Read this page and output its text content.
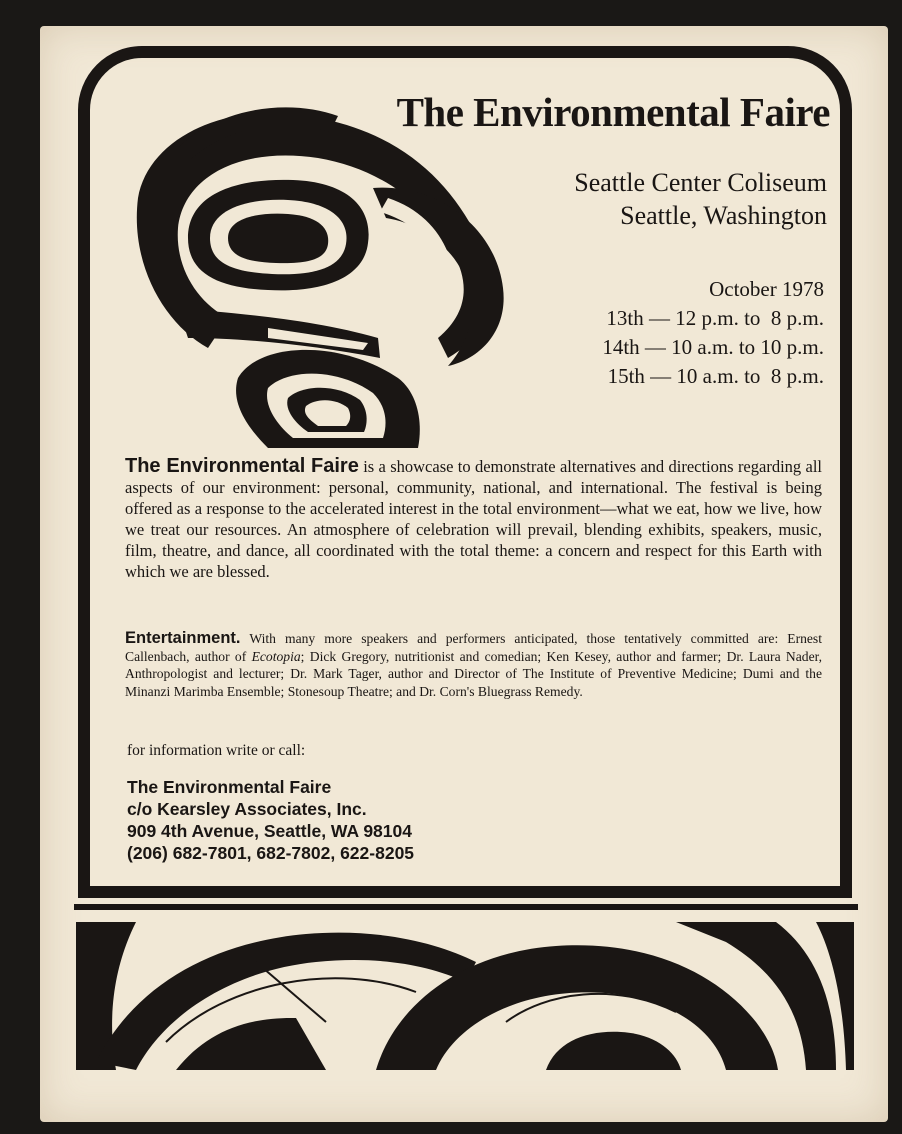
The Environmental Faire
Seattle Center Coliseum
Seattle, Washington
October 1978
13th — 12 p.m. to  8 p.m.
14th — 10 a.m. to 10 p.m.
15th — 10 a.m. to  8 p.m.
The Environmental Faire is a showcase to demonstrate alternatives and directions regarding all aspects of our environment: personal, community, national, and international. The festival is being offered as a response to the accelerated interest in the total environment—what we eat, how we live, how we treat our resources. An atmosphere of celebration will prevail, blending exhibits, speakers, music, film, theatre, and dance, all coordinated with the total theme: a concern and respect for this Earth with which we are blessed.
Entertainment. With many more speakers and performers anticipated, those tentatively committed are: Ernest Callenbach, author of Ecotopia; Dick Gregory, nutritionist and comedian; Ken Kesey, author and farmer; Dr. Laura Nader, Anthropologist and lecturer; Dr. Mark Tager, author and Director of The Institute of Preventive Medicine; Dumi and the Minanzi Marimba Ensemble; Stonesoup Theatre; and Dr. Corn's Bluegrass Remedy.
for information write or call:
The Environmental Faire
c/o Kearsley Associates, Inc.
909 4th Avenue, Seattle, WA 98104
(206) 682-7801, 682-7802, 622-8205
